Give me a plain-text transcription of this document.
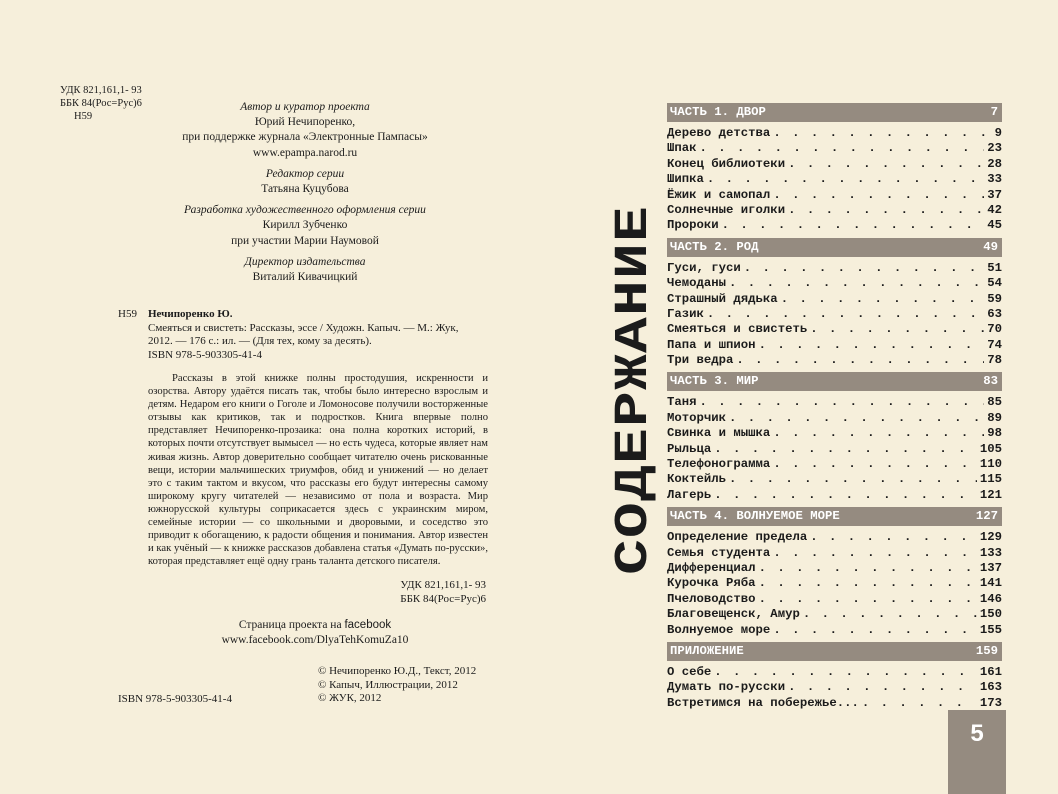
УДК 821,161,1- 93
ББК 84(Рос=Рус)6
Н59
Автор и куратор проекта
Юрий Нечипоренко,
при поддержке журнала «Электронные Пампасы»
www.epampa.narod.ru
Редактор серии
Татьяна Куцубова
Разработка художественного оформления серии
Кирилл Зубченко
при участии Марии Наумовой
Директор издательства
Виталий Кивачицкий
Н59 Нечипоренко Ю.
Смеяться и свистеть: Рассказы, эссе / Художн. Капыч. — М.: Жук,
2012. — 176 с.: ил. — (Для тех, кому за десять).
ISBN 978-5-903305-41-4
Рассказы в этой книжке полны простодушия, искренности и озорства. Автору удаётся писать так, чтобы было интересно взрослым и детям. Недаром его книги о Гоголе и Ломоносове получили восторженные отзывы как критиков, так и подростков. Книга впервые полно представляет Нечипоренко-прозаика: она полна коротких историй, в которых почти отсутствует вымысел — но есть чудеса, которые являет нам живая жизнь. Автор доверительно сообщает читателю очень рискованные вещи, истории мальчишеских триумфов, обид и унижений — но делает это с таким тактом и вкусом, что рассказы его будут интересны самому широкому кругу читателей — независимо от пола и возраста. Мир южнорусской культуры соприкасается здесь с украинским миром, семейные истории — со школьными и дворовыми, и соседство это приводит к обогащению, к радости общения и понимания. Автор известен и как учёный — к книжке рассказов добавлена статья «Думать по-русски», которая представляет ещё одну грань таланта детского писателя.
УДК 821,161,1- 93
ББК 84(Рос=Рус)6
Страница проекта на facebook
www.facebook.com/DlyaTehKomuZa10
© Нечипоренко Ю.Д., Текст, 2012
© Капыч, Иллюстрации, 2012
© ЖУК, 2012
ISBN 978-5-903305-41-4
СОДЕРЖАНИЕ
ЧАСТЬ 1. ДВОР	7
Дерево детства . . .	9
Шпак . . .	23
Конец библиотеки . . .	28
Шипка . . .	33
Ёжик и самопал . . .	37
Солнечные иголки . . .	42
Пророки . . .	45
ЧАСТЬ 2. РОД	49
Гуси, гуси . . .	51
Чемоданы . . .	54
Страшный дядька . . .	59
Газик . . .	63
Смеяться и свистеть . . .	70
Папа и шпион . . .	74
Три ведра . . .	78
ЧАСТЬ 3. МИР	83
Таня . . .	85
Моторчик . . .	89
Свинка и мышка . . .	98
Рыльца . . .	105
Телефонограмма . . .	110
Коктейль . . .	115
Лагерь . . .	121
ЧАСТЬ 4. ВОЛНУЕМОЕ МОРЕ	127
Определение предела . . .	129
Семья студента . . .	133
Дифференциал . . .	137
Курочка Ряба . . .	141
Пчеловодство . . .	146
Благовещенск, Амур . . .	150
Волнуемое море . . .	155
ПРИЛОЖЕНИЕ	159
О себе . . .	161
Думать по-русски . . .	163
Встретимся на побережье... . . .	173
5
